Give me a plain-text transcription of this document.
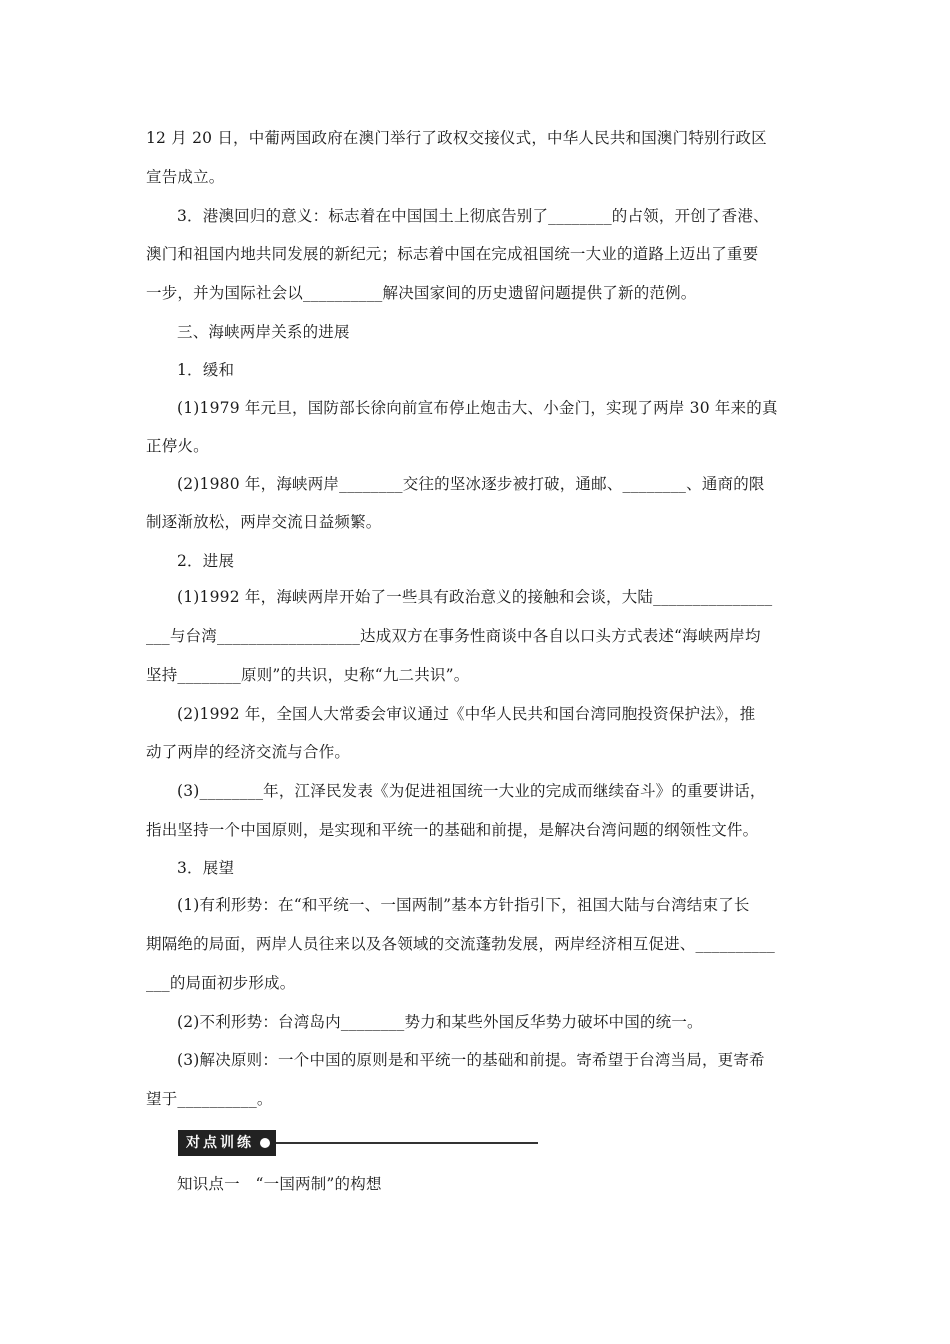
12 月 20 日，中葡两国政府在澳门举行了政权交接仪式，中华人民共和国澳门特别行政区
宣告成立。
3．港澳回归的意义：标志着在中国国土上彻底告别了________的占领，开创了香港、
澳门和祖国内地共同发展的新纪元；标志着中国在完成祖国统一大业的道路上迈出了重要
一步，并为国际社会以__________解决国家间的历史遗留问题提供了新的范例。
三、海峡两岸关系的进展
1．缓和
(1)1979 年元旦，国防部长徐向前宣布停止炮击大、小金门，实现了两岸 30 年来的真
正停火。
(2)1980 年，海峡两岸________交往的坚冰逐步被打破，通邮、________、通商的限
制逐渐放松，两岸交流日益频繁。
2．进展
(1)1992 年，海峡两岸开始了一些具有政治意义的接触和会谈，大陆_______________
___与台湾__________________达成双方在事务性商谈中各自以口头方式表述“海峡两岸均
坚持________原则”的共识，史称“九二共识”。
(2)1992 年，全国人大常委会审议通过《中华人民共和国台湾同胞投资保护法》，推
动了两岸的经济交流与合作。
(3)________年，江泽民发表《为促进祖国统一大业的完成而继续奋斗》的重要讲话，
指出坚持一个中国原则，是实现和平统一的基础和前提，是解决台湾问题的纲领性文件。
3．展望
(1)有利形势：在“和平统一、一国两制”基本方针指引下，祖国大陆与台湾结束了长
期隔绝的局面，两岸人员往来以及各领域的交流蓬勃发展，两岸经济相互促进、__________
___的局面初步形成。
(2)不利形势：台湾岛内________势力和某些外国反华势力破坏中国的统一。
(3)解决原则：一个中国的原则是和平统一的基础和前提。寄希望于台湾当局，更寄希
望于__________。
对点训练
知识点一　“一国两制”的构想
